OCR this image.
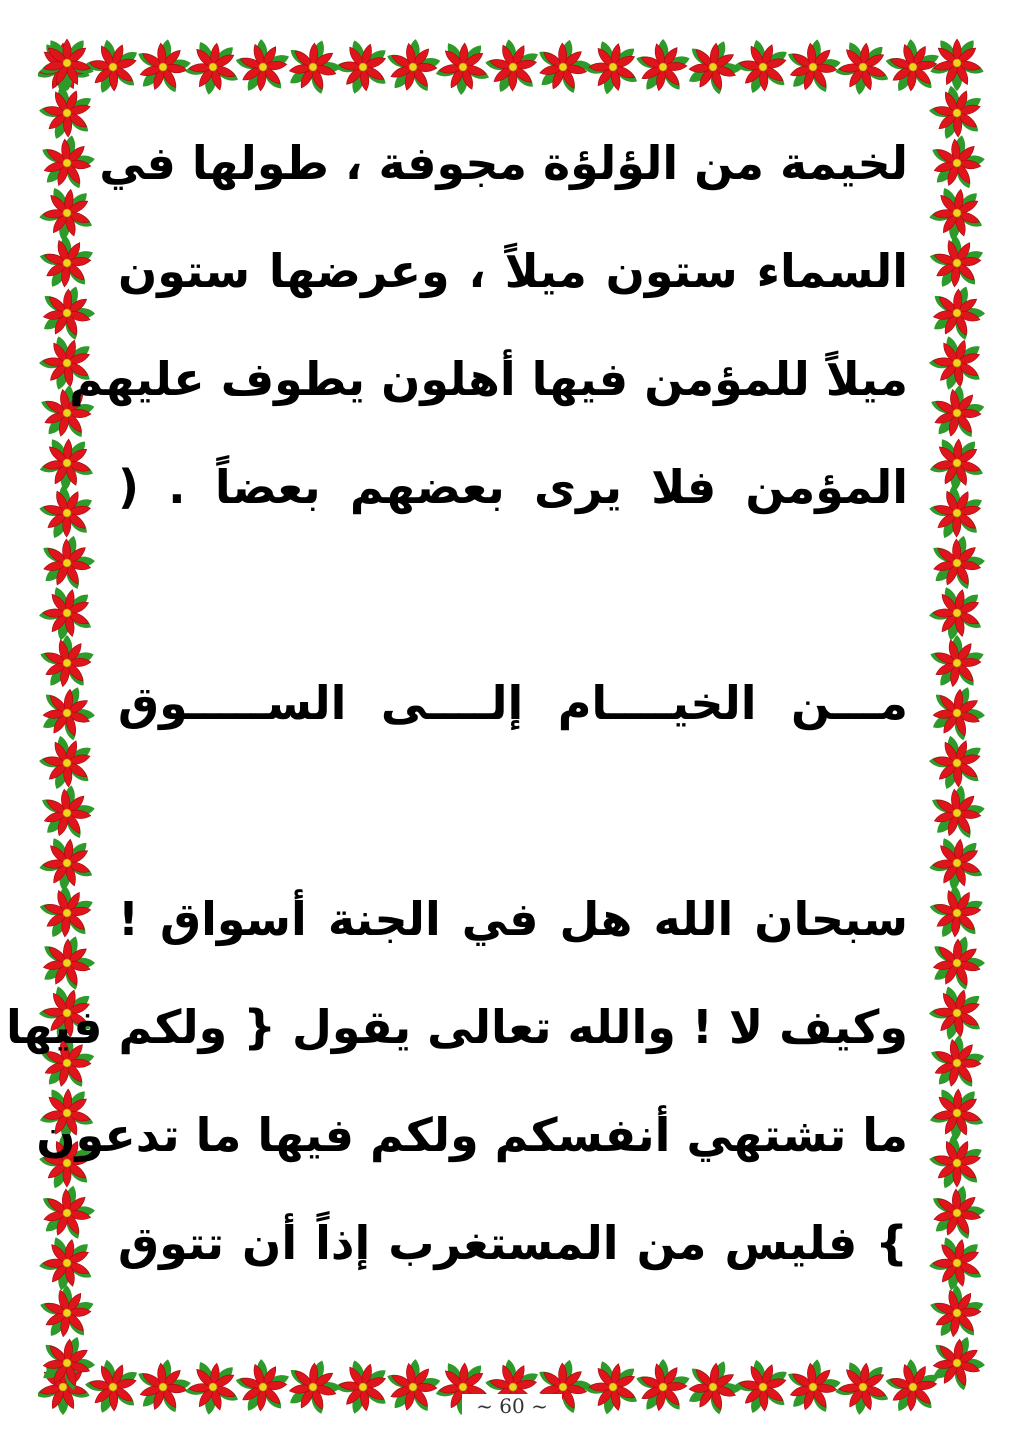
لخيمة من الؤلؤة مجوفة ، طولها في
السماء ستون ميلاً ، وعرضها ستون
ميلاً للمؤمن فيها أهلون يطوف عليهم
المؤمن فلا يرى بعضهم بعضاً . (
مـــن الخيــــام إلــــى الســـــوق
سبحان الله هل في الجنة أسواق !
وكيف لا ! والله تعالى يقول { ولكم فيها
ما تشتهي أنفسكم ولكم فيها ما تدعون
} فليس من المستغرب إذاً أن تتوق
~ 60 ~
